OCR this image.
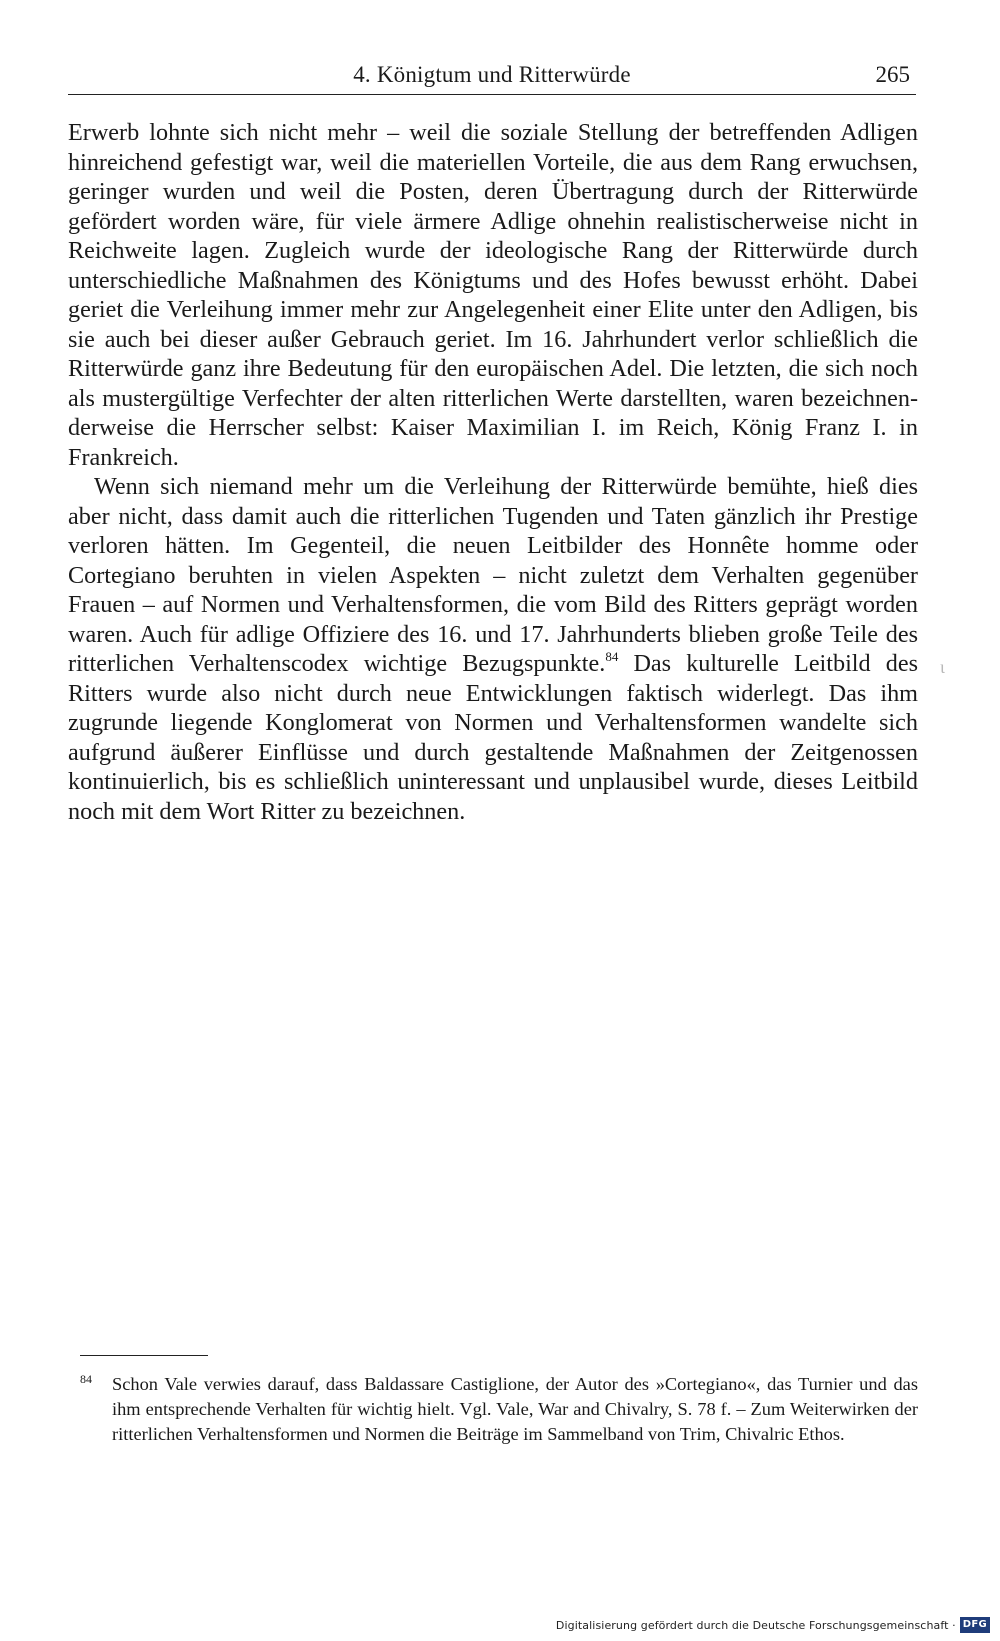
4. Königtum und Ritterwürde	265

Erwerb lohnte sich nicht mehr – weil die soziale Stellung der betreffenden Adligen hinreichend gefestigt war, weil die materiellen Vorteile, die aus dem Rang erwuchsen, geringer wurden und weil die Posten, deren Übertragung durch der Ritterwürde gefördert worden wäre, für viele ärmere Adlige ohnehin realistischerweise nicht in Reichweite lagen. Zugleich wurde der ideologische Rang der Ritterwürde durch unterschiedliche Maßnahmen des Königtums und des Hofes bewusst erhöht. Dabei geriet die Verleihung immer mehr zur Angelegenheit einer Elite unter den Adligen, bis sie auch bei dieser außer Gebrauch geriet. Im 16. Jahrhundert verlor schließlich die Ritterwürde ganz ihre Bedeutung für den europäischen Adel. Die letzten, die sich noch als mustergültige Verfechter der alten ritterlichen Werte darstellten, waren bezeichnenderweise die Herrscher selbst: Kaiser Maximilian I. im Reich, König Franz I. in Frankreich.

Wenn sich niemand mehr um die Verleihung der Ritterwürde bemühte, hieß dies aber nicht, dass damit auch die ritterlichen Tugenden und Taten gänzlich ihr Prestige verloren hätten. Im Gegenteil, die neuen Leitbilder des Honnête homme oder Cortegiano beruhten in vielen Aspekten – nicht zuletzt dem Verhalten gegenüber Frauen – auf Normen und Verhaltensformen, die vom Bild des Ritters geprägt worden waren. Auch für adlige Offiziere des 16. und 17. Jahrhunderts blieben große Teile des ritterlichen Verhaltenscodex wichtige Bezugspunkte.$^{84}$ Das kulturelle Leitbild des Ritters wurde also nicht durch neue Entwicklungen faktisch widerlegt. Das ihm zugrunde liegende Konglomerat von Normen und Verhaltensformen wandelte sich aufgrund äußerer Einflüsse und durch gestaltende Maßnahmen der Zeitgenossen kontinuierlich, bis es schließlich uninteressant und unplausibel wurde, dieses Leitbild noch mit dem Wort Ritter zu bezeichnen.

ɩ
84 Schon Vale verwies darauf, dass Baldassare Castiglione, der Autor des »Cortegiano«, das Turnier und das ihm entsprechende Verhalten für wichtig hielt. Vgl. Vale, War and Chivalry, S. 78 f. – Zum Weiterwirken der ritterlichen Verhaltensformen und Normen die Beiträge im Sammelband von Trim, Chivalric Ethos.

Digitalisierung gefördert durch die Deutsche Forschungsgemeinschaft · DFG
